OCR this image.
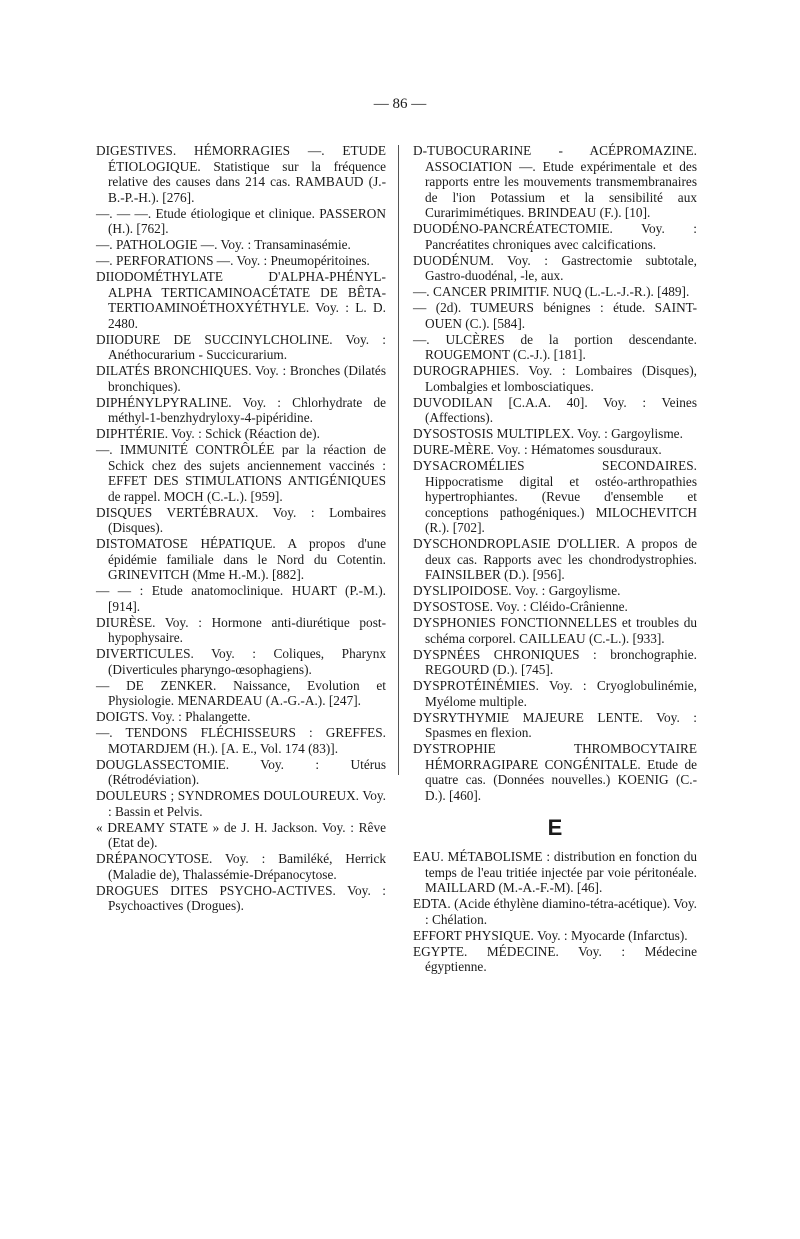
— 86 —

DIGESTIVES. HÉMORRAGIES —. ETUDE ÉTIOLOGIQUE. Statistique sur la fréquence relative des causes dans 214 cas. RAMBAUD (J.-B.-P.-H.). [276].

—. — —. Etude étiologique et clinique. PASSERON (H.). [762].

—. PATHOLOGIE —. Voy. : Transaminasémie.

—. PERFORATIONS —. Voy. : Pneumopéritoines.

DIIODOMÉTHYLATE D'ALPHA-PHÉNYL-ALPHA TERTICAMINOACÉTATE DE BÊTA-TERTIOAMINOÉTHOXYÉTHYLE. Voy. : L. D. 2480.

DIIODURE DE SUCCINYLCHOLINE. Voy. : Anéthocurarium - Succicurarium.

DILATÉS BRONCHIQUES. Voy. : Bronches (Dilatés bronchiques).

DIPHÉNYLPYRALINE. Voy. : Chlorhydrate de méthyl-1-benzhydryloxy-4-pipéridine.

DIPHTÉRIE. Voy. : Schick (Réaction de).

—. IMMUNITÉ CONTRÔLÉE par la réaction de Schick chez des sujets anciennement vaccinés : EFFET DES STIMULATIONS ANTIGÉNIQUES de rappel. MOCH (C.-L.). [959].

DISQUES VERTÉBRAUX. Voy. : Lombaires (Disques).

DISTOMATOSE HÉPATIQUE. A propos d'une épidémie familiale dans le Nord du Cotentin. GRINEVITCH (Mme H.-M.). [882].

— — : Etude anatomoclinique. HUART (P.-M.). [914].

DIURÈSE. Voy. : Hormone anti-diurétique post-hypophysaire.

DIVERTICULES. Voy. : Coliques, Pharynx (Diverticules pharyngo-œsophagiens).

— DE ZENKER. Naissance, Evolution et Physiologie. MENARDEAU (A.-G.-A.). [247].

DOIGTS. Voy. : Phalangette.

—. TENDONS FLÉCHISSEURS : GREFFES. MOTARDJEM (H.). [A. E., Vol. 174 (83)].

DOUGLASSECTOMIE. Voy. : Utérus (Rétrodéviation).

DOULEURS ; SYNDROMES DOULOUREUX. Voy. : Bassin et Pelvis.

« DREAMY STATE » de J. H. Jackson. Voy. : Rêve (Etat de).

DRÉPANOCYTOSE. Voy. : Bamiléké, Herrick (Maladie de), Thalassémie-Drépanocytose.

DROGUES DITES PSYCHO-ACTIVES. Voy. : Psychoactives (Drogues).

D-TUBOCURARINE - ACÉPROMAZINE. ASSOCIATION —. Etude expérimentale et des rapports entre les mouvements transmembranaires de l'ion Potassium et la sensibilité aux Curarimimétiques. BRINDEAU (F.). [10].

DUODÉNO-PANCRÉATECTOMIE. Voy. : Pancréatites chroniques avec calcifications.

DUODÉNUM. Voy. : Gastrectomie subtotale, Gastro-duodénal, -le, aux.

—. CANCER PRIMITIF. NUQ (L.-L.-J.-R.). [489].

— (2d). TUMEURS bénignes : étude. SAINT-OUEN (C.). [584].

—. ULCÈRES de la portion descendante. ROUGEMONT (C.-J.). [181].

DUROGRAPHIES. Voy. : Lombaires (Disques), Lombalgies et lombosciatiques.

DUVODILAN [C.A.A. 40]. Voy. : Veines (Affections).

DYSOSTOSIS MULTIPLEX. Voy. : Gargoylisme.

DURE-MÈRE. Voy. : Hématomes sousduraux.

DYSACROMÉLIES SECONDAIRES. Hippocratisme digital et ostéo-arthropathies hypertrophiantes. (Revue d'ensemble et conceptions pathogéniques.) MILOCHEVITCH (R.). [702].

DYSCHONDROPLASIE D'OLLIER. A propos de deux cas. Rapports avec les chondrodystrophies. FAINSILBER (D.). [956].

DYSLIPOIDOSE. Voy. : Gargoylisme.

DYSOSTOSE. Voy. : Cléido-Crânienne.

DYSPHONIES FONCTIONNELLES et troubles du schéma corporel. CAILLEAU (C.-L.). [933].

DYSPNÉES CHRONIQUES : bronchographie. REGOURD (D.). [745].

DYSPROTÉINÉMIES. Voy. : Cryoglobulinémie, Myélome multiple.

DYSRYTHYMIE MAJEURE LENTE. Voy. : Spasmes en flexion.

DYSTROPHIE THROMBOCYTAIRE HÉMORRAGIPARE CONGÉNITALE. Etude de quatre cas. (Données nouvelles.) KOENIG (C.-D.). [460].

E

EAU. MÉTABOLISME : distribution en fonction du temps de l'eau tritiée injectée par voie péritonéale. MAILLARD (M.-A.-F.-M). [46].

EDTA. (Acide éthylène diamino-tétra-acétique). Voy. : Chélation.

EFFORT PHYSIQUE. Voy. : Myocarde (Infarctus).

EGYPTE. MÉDECINE. Voy. : Médecine égyptienne.
